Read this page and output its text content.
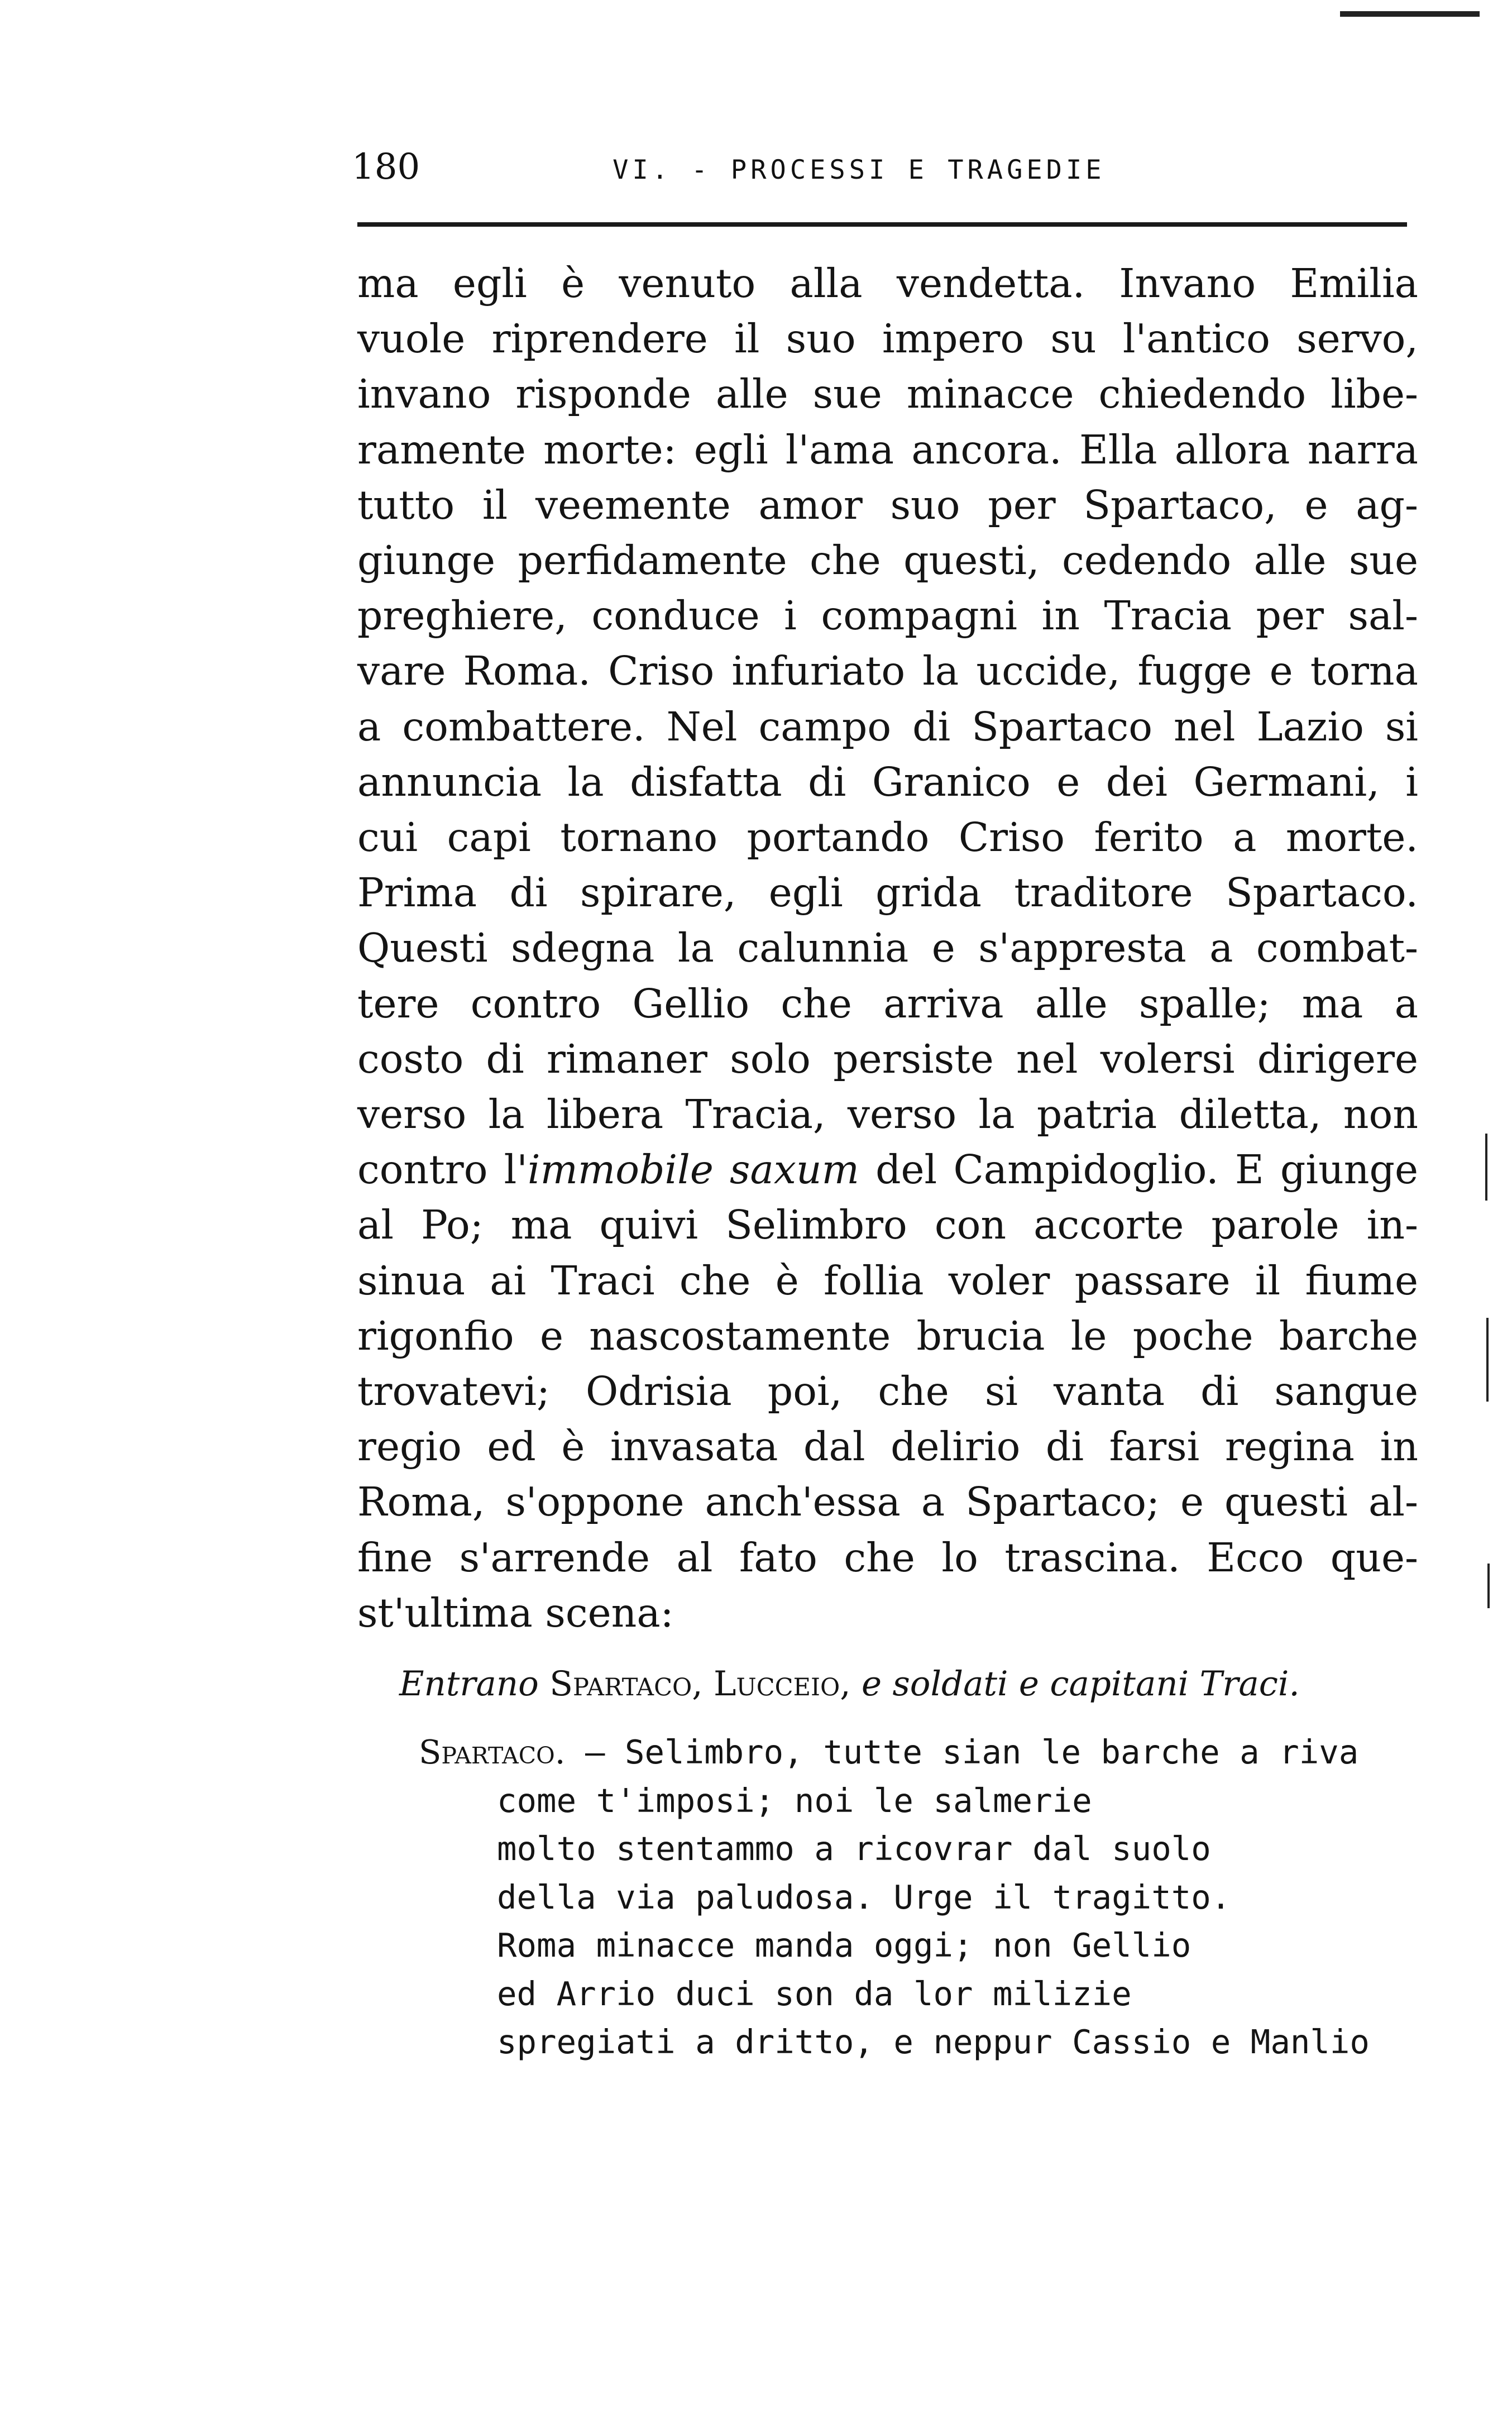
180	VI. - PROCESSI E TRAGEDIE
ma egli è venuto alla vendetta. Invano Emilia
vuole riprendere il suo impero su l'antico servo,
invano risponde alle sue minacce chiedendo libe-
ramente morte: egli l'ama ancora. Ella allora narra
tutto il veemente amor suo per Spartaco, e ag-
giunge perfidamente che questi, cedendo alle sue
preghiere, conduce i compagni in Tracia per sal-
vare Roma. Criso infuriato la uccide, fugge e torna
a combattere. Nel campo di Spartaco nel Lazio si
annuncia la disfatta di Granico e dei Germani, i
cui capi tornano portando Criso ferito a morte.
Prima di spirare, egli grida traditore Spartaco.
Questi sdegna la calunnia e s'appresta a combat-
tere contro Gellio che arriva alle spalle; ma a
costo di rimaner solo persiste nel volersi dirigere
verso la libera Tracia, verso la patria diletta, non
contro l'immobile saxum del Campidoglio. E giunge
al Po; ma quivi Selimbro con accorte parole in-
sinua ai Traci che è follia voler passare il fiume
rigonfio e nascostamente brucia le poche barche
trovatevi; Odrisia poi, che si vanta di sangue
regio ed è invasata dal delirio di farsi regina in
Roma, s'oppone anch'essa a Spartaco; e questi al-
fine s'arrende al fato che lo trascina. Ecco que-
st'ultima scena:
Entrano Spartaco, Lucceio, e soldati e capitani Traci.
Spartaco. — Selimbro, tutte sian le barche a riva
come t'imposi; noi le salmerie
molto stentammo a ricovrar dal suolo
della via paludosa. Urge il tragitto.
Roma minacce manda oggi; non Gellio
ed Arrio duci son da lor milizie
spregiati a dritto, e neppur Cassio e Manlio
